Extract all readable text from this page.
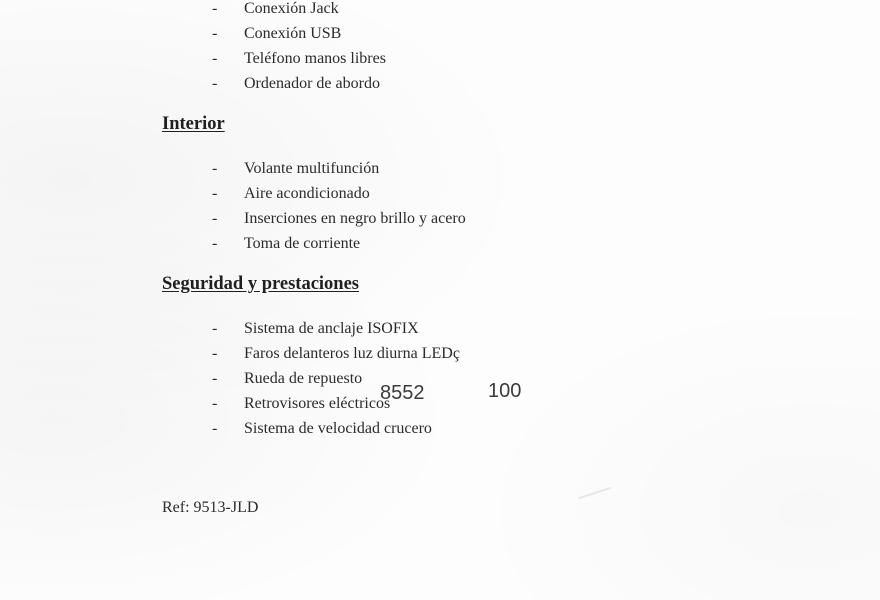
- Conexión Jack
- Conexión USB
- Teléfono manos libres
- Ordenador de abordo
Interior
- Volante multifunción
- Aire acondicionado
- Inserciones en negro brillo y acero
- Toma de corriente
Seguridad y prestaciones
- Sistema de anclaje ISOFIX
- Faros delanteros luz diurna LEDç
- Rueda de repuesto
- Retrovisores eléctricos
- Sistema de velocidad crucero
8552	100
Ref: 9513-JLD
